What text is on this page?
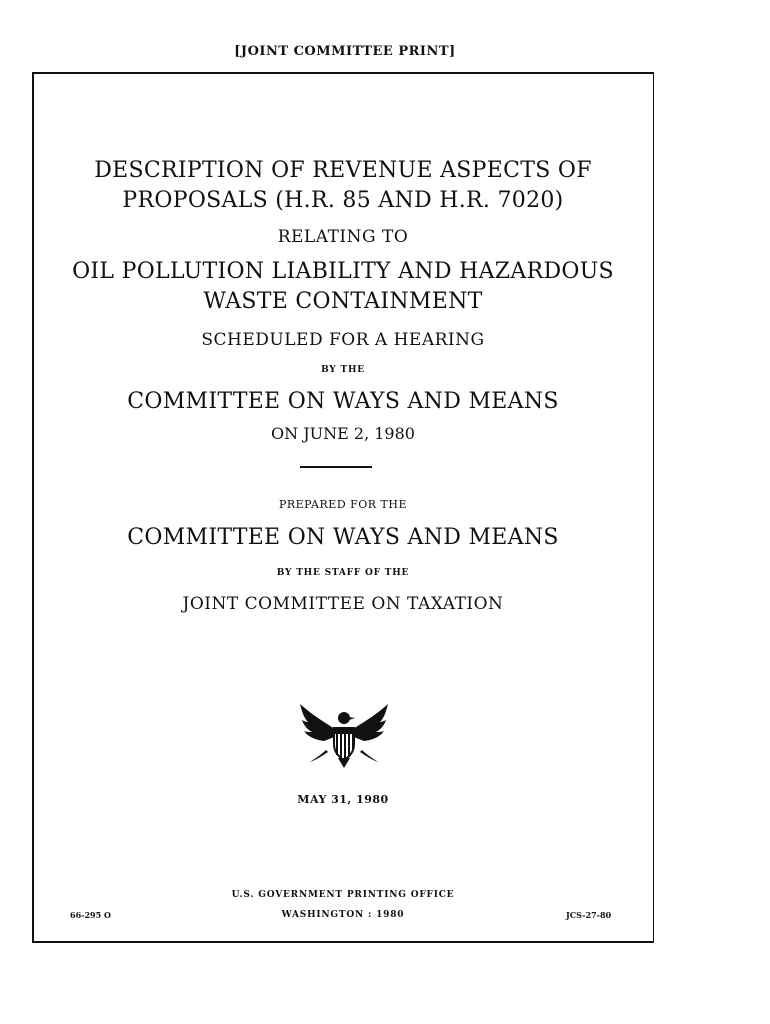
[JOINT COMMITTEE PRINT]
DESCRIPTION OF REVENUE ASPECTS OF
PROPOSALS (H.R. 85 AND H.R. 7020)
RELATING TO
OIL POLLUTION LIABILITY AND HAZARDOUS
WASTE CONTAINMENT
SCHEDULED FOR A HEARING
BY THE
COMMITTEE ON WAYS AND MEANS
ON JUNE 2, 1980
PREPARED FOR THE
COMMITTEE ON WAYS AND MEANS
BY THE STAFF OF THE
JOINT COMMITTEE ON TAXATION
MAY 31, 1980
U.S. GOVERNMENT PRINTING OFFICE
WASHINGTON : 1980
66-295 O	JCS-27-80
